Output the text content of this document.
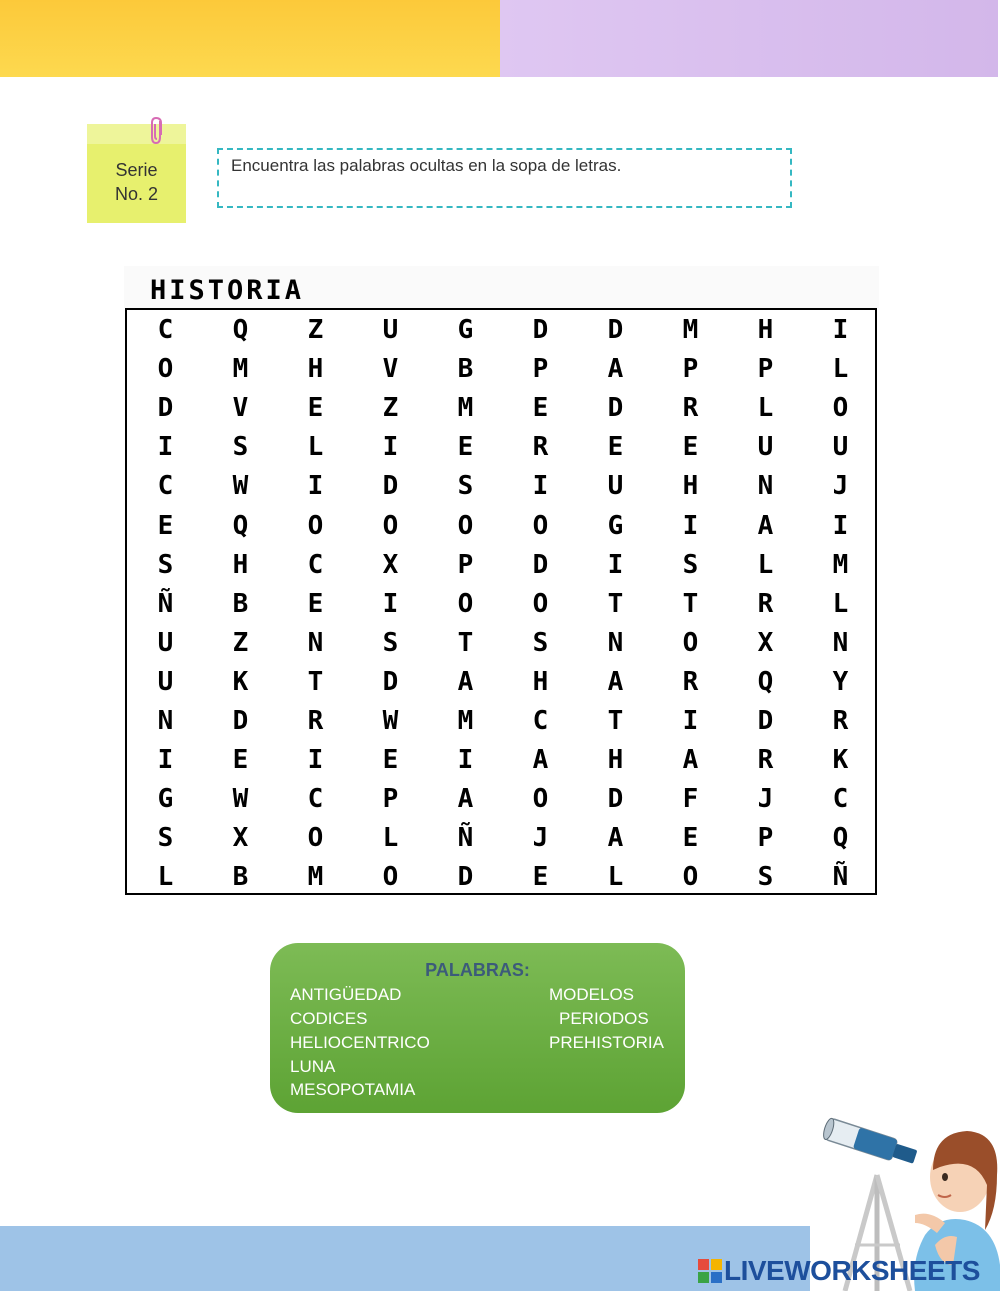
Serie
No. 2
Encuentra las palabras ocultas en la sopa de letras.
HISTORIA
C	Q	Z	U	G	D	D	M	H	I
O	M	H	V	B	P	A	P	P	L
D	V	E	Z	M	E	D	R	L	O
I	S	L	I	E	R	E	E	U	U
C	W	I	D	S	I	U	H	N	J
E	Q	O	O	O	O	G	I	A	I
S	H	C	X	P	D	I	S	L	M
Ñ	B	E	I	O	O	T	T	R	L
U	Z	N	S	T	S	N	O	X	N
U	K	T	D	A	H	A	R	Q	Y
N	D	R	W	M	C	T	I	D	R
I	E	I	E	I	A	H	A	R	K
G	W	C	P	A	O	D	F	J	C
S	X	O	L	Ñ	J	A	E	P	Q
L	B	M	O	D	E	L	O	S	Ñ
PALABRAS:
ANTIGÜEDAD
CODICES
HELIOCENTRICO
LUNA
MESOPOTAMIA
MODELOS
PERIODOS
PREHISTORIA
LIVEWORKSHEETS
